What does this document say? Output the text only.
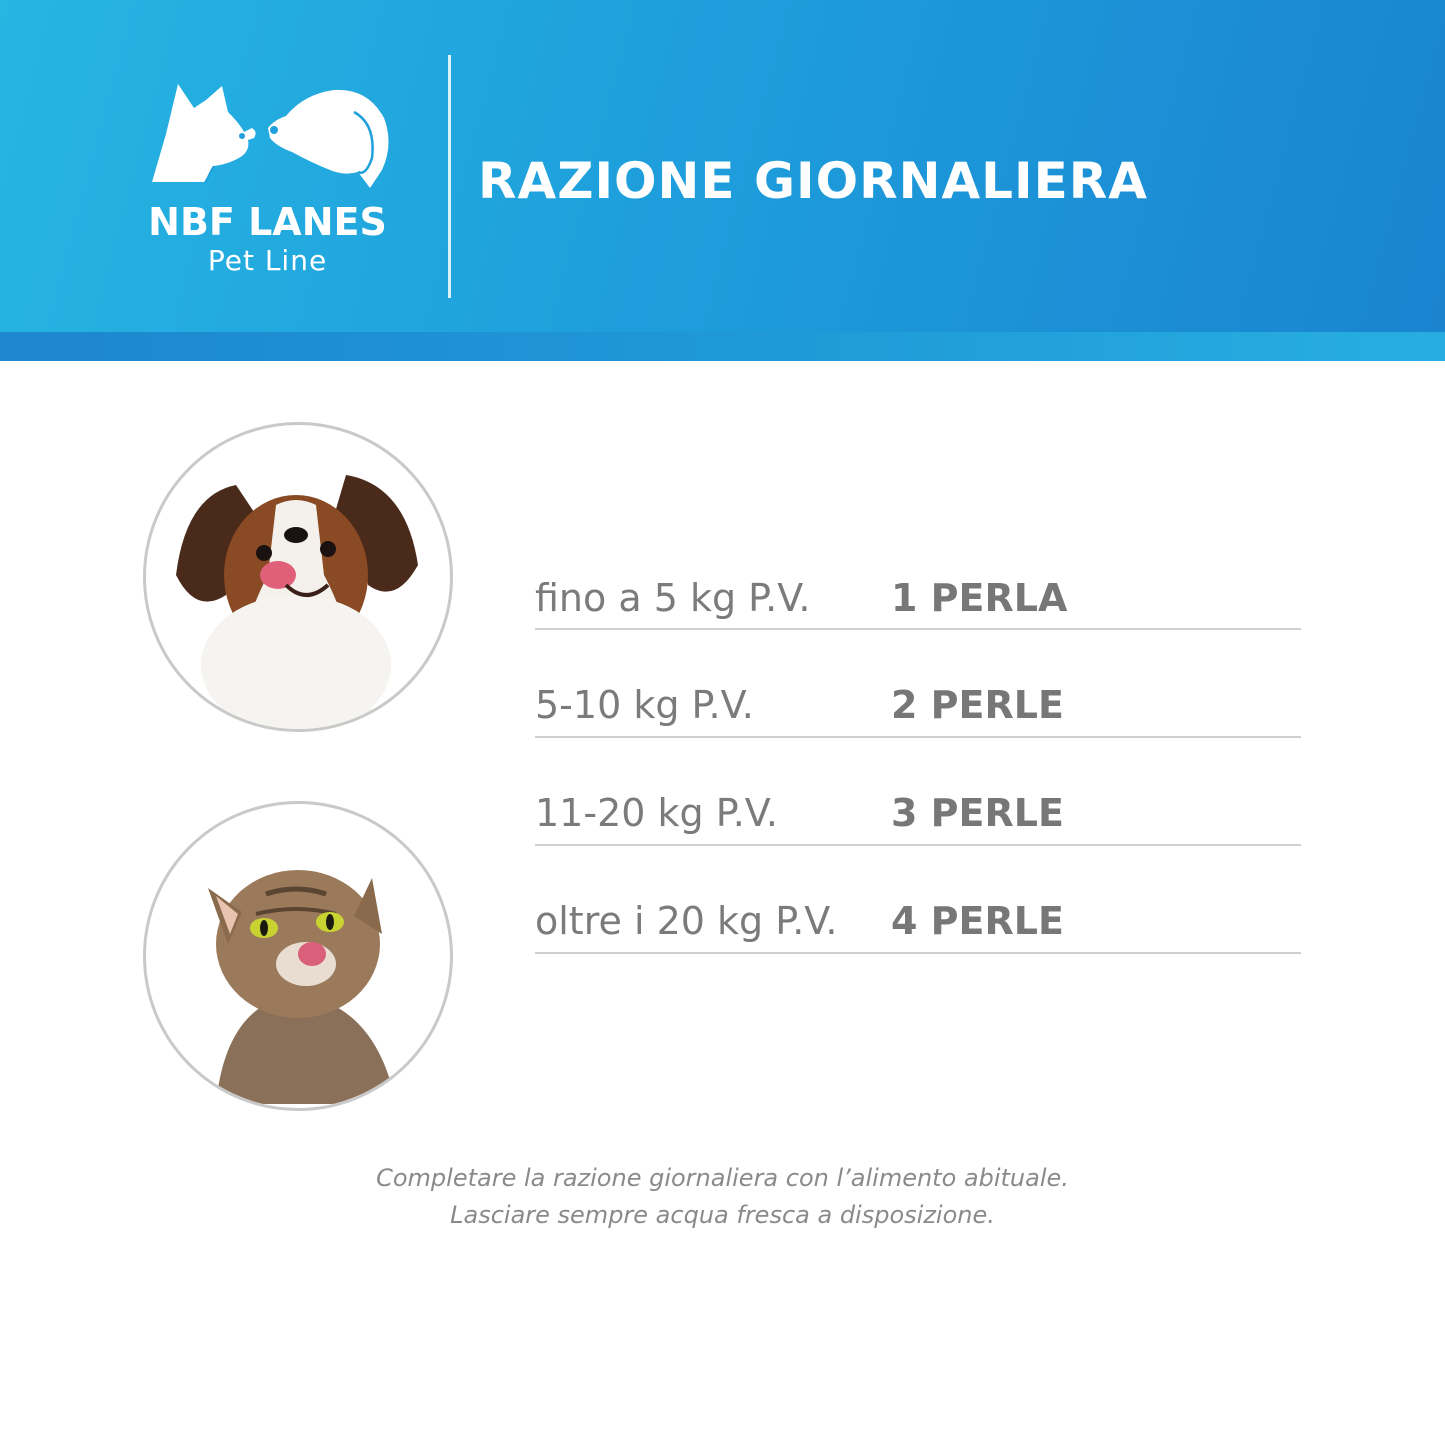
NBF LANES
Pet Line
RAZIONE GIORNALIERA
fino a 5 kg P.V. 1 PERLA
5-10 kg P.V.	2 PERLE
11-20 kg P.V.	3 PERLE
oltre i 20 kg P.V. 4 PERLE
Completare la razione giornaliera con l’alimento abituale.
Lasciare sempre acqua fresca a disposizione.
